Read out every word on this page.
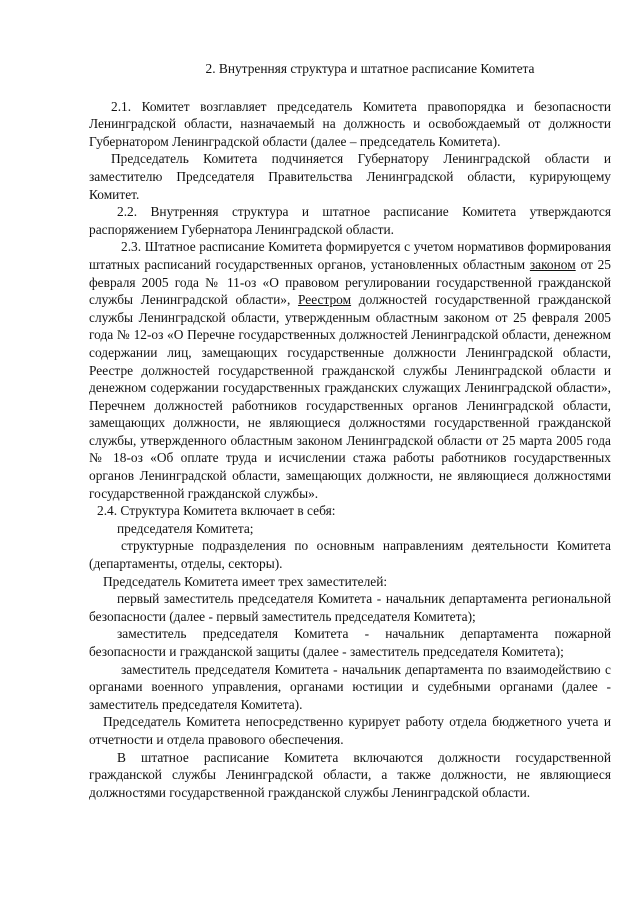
2. Внутренняя структура и штатное расписание Комитета

2.1. Комитет возглавляет председатель Комитета правопорядка и безопасности Ленинградской области, назначаемый на должность и освобождаемый от должности Губернатором Ленинградской области (далее – председатель Комитета).

Председатель Комитета подчиняется Губернатору Ленинградской области и заместителю Председателя Правительства Ленинградской области, курирующему Комитет.

2.2. Внутренняя структура и штатное расписание Комитета утверждаются распоряжением Губернатора Ленинградской области.

2.3. Штатное расписание Комитета формируется с учетом нормативов формирования штатных расписаний государственных органов, установленных областным законом от 25 февраля 2005 года № 11-оз «О правовом регулировании государственной гражданской службы Ленинградской области», Реестром должностей государственной гражданской службы Ленинградской области, утвержденным областным законом от 25 февраля 2005 года № 12-оз «О Перечне государственных должностей Ленинградской области, денежном содержании лиц, замещающих государственные должности Ленинградской области, Реестре должностей государственной гражданской службы Ленинградской области и денежном содержании государственных гражданских служащих Ленинградской области», Перечнем должностей работников государственных органов Ленинградской области, замещающих должности, не являющиеся должностями государственной гражданской службы, утвержденного областным законом Ленинградской области от 25 марта 2005 года № 18-оз «Об оплате труда и исчислении стажа работы работников государственных органов Ленинградской области, замещающих должности, не являющиеся должностями государственной гражданской службы».

2.4. Структура Комитета включает в себя:

председателя Комитета;

структурные подразделения по основным направлениям деятельности Комитета (департаменты, отделы, секторы).

Председатель Комитета имеет трех заместителей:

первый заместитель председателя Комитета - начальник департамента региональной безопасности (далее - первый заместитель председателя Комитета);

заместитель председателя Комитета - начальник департамента пожарной безопасности и гражданской защиты (далее - заместитель председателя Комитета);

заместитель председателя Комитета - начальник департамента по взаимодействию с органами военного управления, органами юстиции и судебными органами (далее - заместитель председателя Комитета).

Председатель Комитета непосредственно курирует работу отдела бюджетного учета и отчетности и отдела правового обеспечения.

В штатное расписание Комитета включаются должности государственной гражданской службы Ленинградской области, а также должности, не являющиеся должностями государственной гражданской службы Ленинградской области.
